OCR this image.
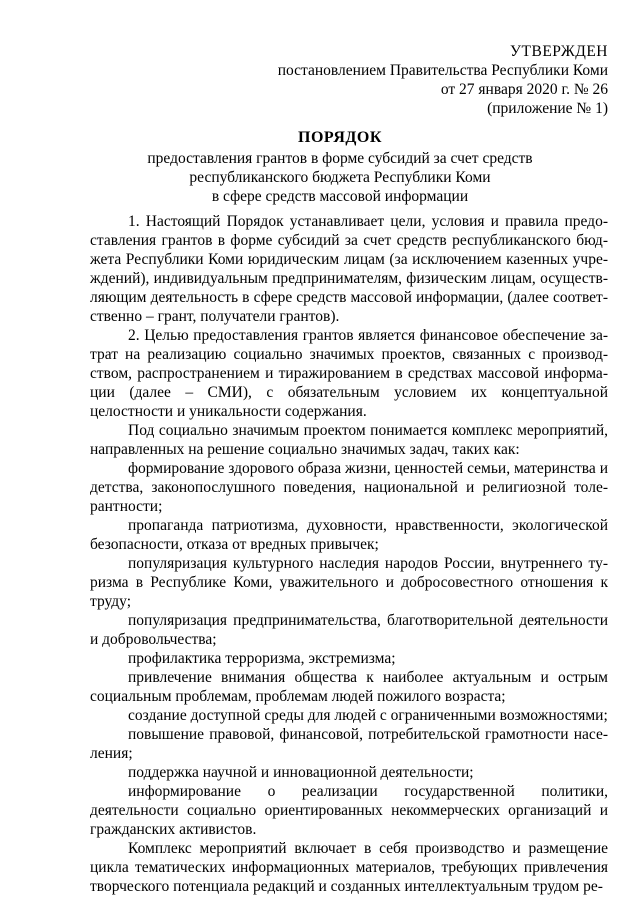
УТВЕРЖДЕН
постановлением Правительства Республики Коми
от 27 января 2020 г. № 26
(приложение № 1)
ПОРЯДОК
предоставления грантов в форме субсидий за счет средств
республиканского бюджета Республики Коми
в сфере средств массовой информации

1. Настоящий Порядок устанавливает цели, условия и правила предоставления грантов в форме субсидий за счет средств республиканского бюджета Республики Коми юридическим лицам (за исключением казенных учреждений), индивидуальным предпринимателям, физическим лицам, осуществляющим деятельность в сфере средств массовой информации, (далее соответственно – грант, получатели грантов).

2. Целью предоставления грантов является финансовое обеспечение затрат на реализацию социально значимых проектов, связанных с производством, распространением и тиражированием в средствах массовой информации (далее – СМИ), с обязательным условием их концептуальной целостности и уникальности содержания.

Под социально значимым проектом понимается комплекс мероприятий, направленных на решение социально значимых задач, таких как:

формирование здорового образа жизни, ценностей семьи, материнства и детства, законопослушного поведения, национальной и религиозной толерантности;

пропаганда патриотизма, духовности, нравственности, экологической безопасности, отказа от вредных привычек;

популяризация культурного наследия народов России, внутреннего туризма в Республике Коми, уважительного и добросовестного отношения к труду;

популяризация предпринимательства, благотворительной деятельности и добровольчества;

профилактика терроризма, экстремизма;

привлечение внимания общества к наиболее актуальным и острым социальным проблемам, проблемам людей пожилого возраста;

создание доступной среды для людей с ограниченными возможностями;

повышение правовой, финансовой, потребительской грамотности населения;

поддержка научной и инновационной деятельности;

информирование о реализации государственной политики, деятельности социально ориентированных некоммерческих организаций и гражданских активистов.

Комплекс мероприятий включает в себя производство и размещение цикла тематических информационных материалов, требующих привлечения творческого потенциала редакций и созданных интеллектуальным трудом ре-
